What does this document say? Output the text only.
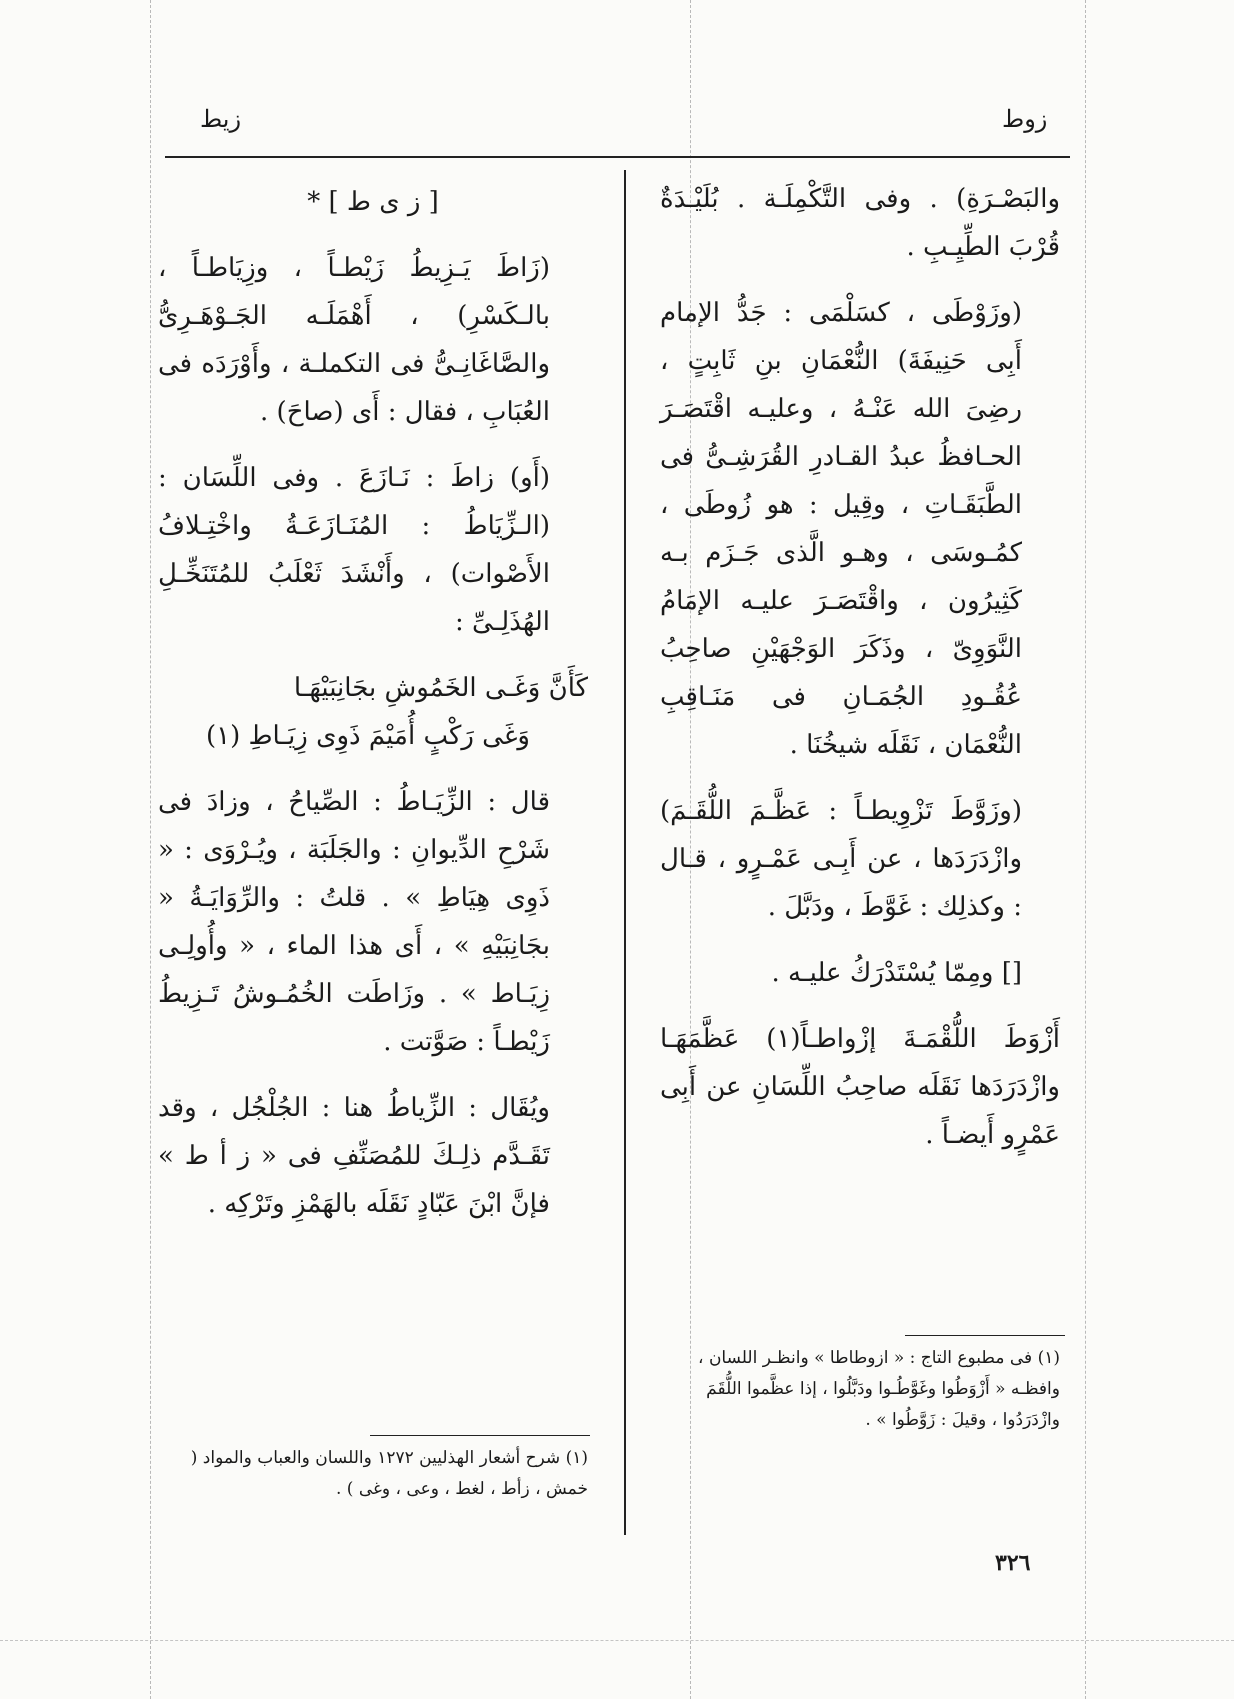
زوط
زيط

والبَصْـرَةِ) . وفى التَّكْمِلَـة . بُلَيْـدَةٌ قُرْبَ الطِّيِـبِ .

(وزَوْطَى ، كسَلْمَى : جَدُّ الإمام أَبِى حَنِيفَةَ) النُّعْمَانِ بنِ ثَابِتٍ ، رضِىَ الله عَنْـهُ ، وعليـه اقْتَصَـرَ الحـافظُ عبدُ القـادرِ القُرَشِـىُّ فى الطَّبَقَـاتِ ، وقِيل : هو زُوطَى ، كمُـوسَى ، وهـو الَّذى جَـزَم بـه كَثِيرُون ، واقْتَصَـرَ عليـه الإمَامُ النَّوَوِىّ ، وذَكَرَ الوَجْهَيْنِ صاحِبُ عُقُـودِ الجُمَـانِ فى مَنَـاقِبِ النُّعْمَان ، نَقَلَه شيخُنَا .

(وزَوَّطَ تَزْوِيطـاً : عَظَّـمَ اللُّقَـمَ) وازْدَرَدَها ، عن أَبِـى عَمْـرٍو ، قـال : وكذلِك : غَوَّطَ ، ودَبَّلَ .

[] ومِمّا يُسْتَدْرَكُ عليـه .

أَزْوَطَ اللُّقْمَـةَ إزْواطـاً(١) عَظَّمَهَـا وازْدَرَدَها نَقَلَه صاحِبُ اللِّسَانِ عن أَبِى عَمْرٍو أَيضـاً .

(١) فى مطبوع التاج : « ازوطاطا » وانظـر اللسان ، وافظـه « أَزْوَطُوا وغَوَّطُـوا ودَبَّلُوا ، إذا عظَّموا اللُّقَمَ وازْدَرَدُوا ، وقيلَ : زَوَّطُوا » .

[ ز ى ط ] *

(زَاطَ يَـزِيطُ زَيْطـاً ، وزِيَاطـاً ، بالـكَسْرِ) ، أَهْمَلَـه الجَـوْهَـرِىُّ والصَّاغَانِـىُّ فى التكملـة ، وأَوْرَدَه فى العُبَابِ ، فقال : أَى (صاحَ) .

(أَو) زاطَ : نَـازَعَ . وفى اللِّسَان : (الـزِّيَاطُ : المُنَـازَعَـةُ واخْتِـلافُ الأَصْوات) ، وأَنْشَدَ ثَعْلَبُ للمُتَنَخِّـلِ الهُذَلِـىِّ :

كَأَنَّ وَغَـى الخَمُوشِ بجَانِبَيْهَـا

وَغَى رَكْبٍ أُمَيْمَ ذَوِى زِيَـاطِ (١)

قال : الزِّيَـاطُ : الصِّياحُ ، وزادَ فى شَرْحِ الدِّيوانِ : والجَلَبَة ، ويُـرْوَى : « ذَوِى هِيَاطِ » . قلتُ : والرِّوَايَـةُ « بجَانِبَيْهِ » ، أَى هذا الماء ، « وأُولِـى زِيَـاط » . وزَاطَت الخُمُـوشُ تَـزِيطُ زَيْطـاً : صَوَّتت .

ويُقَال : الزِّياطُ هنا : الجُلْجُل ، وقد تَقَـدَّم ذلِـكَ للمُصَنِّفِ فى « ز أ ط » فإنَّ ابْنَ عَبّادٍ نَقَلَه بالهَمْزِ وتَرْكِه .

(١) شرح أشعار الهذليين ١٢٧٢ واللسان والعباب والمواد ( خمش ، زأط ، لغط ، وعى ، وغى ) .

٣٢٦
